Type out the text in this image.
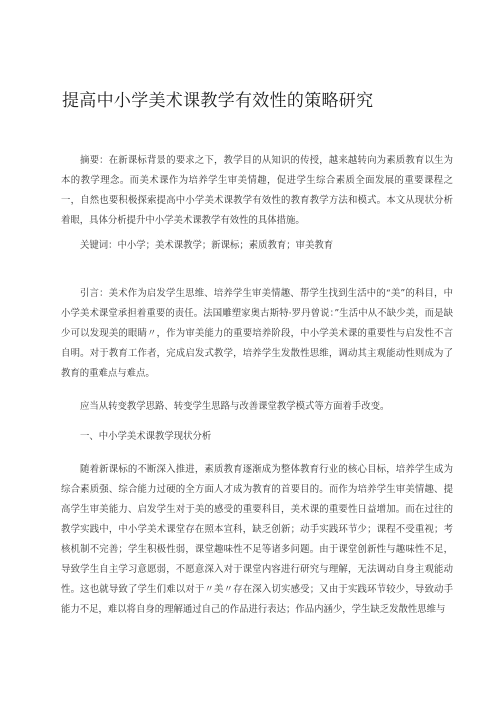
提高中小学美术课教学有效性的策略研究

摘要：在新课标背景的要求之下，教学目的从知识的传授，越来越转向为素质教育以生为本的教学理念。而美术课作为培养学生审美情趣，促进学生综合素质全面发展的重要课程之一，自然也要积极探索提高中小学美术课教学有效性的教育教学方法和模式。本文从现状分析着眼，具体分析提升中小学美术课教学有效性的具体措施。

关键词：中小学；美术课教学；新课标；素质教育；审美教育

引言：美术作为启发学生思维、培养学生审美情趣、帮学生找到生活中的“美”的科目，中小学美术课堂承担着重要的责任。法国雕塑家奥古斯特·罗丹曾说：”生活中从不缺少美，而是缺少可以发现美的眼睛〃，作为审美能力的重要培养阶段，中小学美术课的重要性与启发性不言自明。对于教育工作者，完成启发式教学，培养学生发散性思维，调动其主观能动性则成为了教育的重难点与难点。

应当从转变教学思路、转变学生思路与改善课堂教学模式等方面着手改变。

一、中小学美术课教学现状分析

随着新课标的不断深入推进，素质教育逐渐成为整体教育行业的核心目标，培养学生成为综合素质强、综合能力过硬的全方面人才成为教育的首要目的。而作为培养学生审美情趣、提高学生审美能力、启发学生对于美的感受的重要科目，美术课的重要性日益增加。而在过往的教学实践中，中小学美术课堂存在照本宣科，缺乏创新；动手实践环节少；课程不受重视；考核机制不完善；学生积极性弱，课堂趣味性不足等诸多问题。由于课堂创新性与趣味性不足，导致学生自主学习意愿弱，不愿意深入对于课堂内容进行研究与理解，无法调动自身主观能动性。这也就导致了学生们难以对于〃美〃存在深入切实感受；又由于实践环节较少，导致动手能力不足，难以将自身的理解通过自己的作品进行表达；作品内涵少，学生缺乏发散性思维与
